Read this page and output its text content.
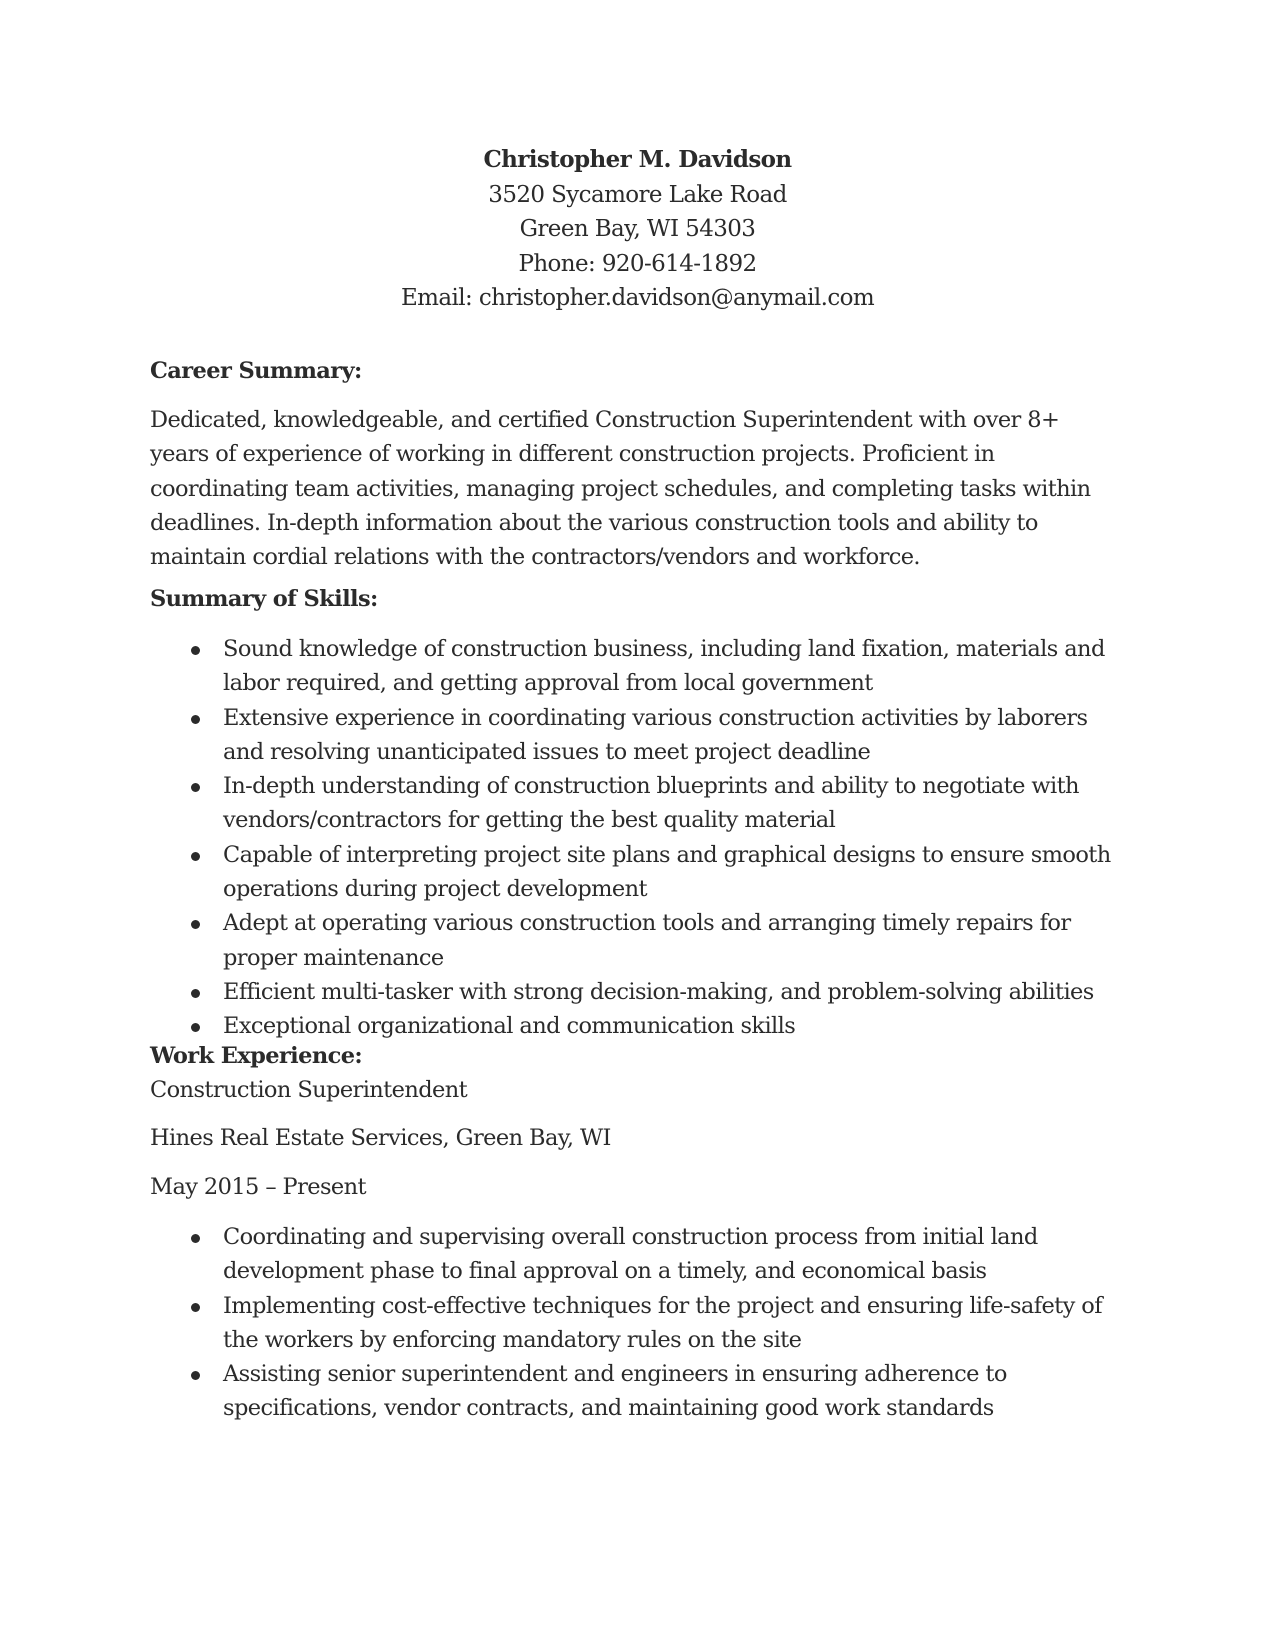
Christopher M. Davidson
3520 Sycamore Lake Road
Green Bay, WI 54303
Phone: 920-614-1892
Email: christopher.davidson@anymail.com
Career Summary:
Dedicated, knowledgeable, and certified Construction Superintendent with over 8+
years of experience of working in different construction projects. Proficient in
coordinating team activities, managing project schedules, and completing tasks within
deadlines. In-depth information about the various construction tools and ability to
maintain cordial relations with the contractors/vendors and workforce.
Summary of Skills:
Sound knowledge of construction business, including land fixation, materials and
labor required, and getting approval from local government
Extensive experience in coordinating various construction activities by laborers
and resolving unanticipated issues to meet project deadline
In-depth understanding of construction blueprints and ability to negotiate with
vendors/contractors for getting the best quality material
Capable of interpreting project site plans and graphical designs to ensure smooth
operations during project development
Adept at operating various construction tools and arranging timely repairs for
proper maintenance
Efficient multi-tasker with strong decision-making, and problem-solving abilities
Exceptional organizational and communication skills
Work Experience:
Construction Superintendent
Hines Real Estate Services, Green Bay, WI
May 2015 – Present
Coordinating and supervising overall construction process from initial land
development phase to final approval on a timely, and economical basis
Implementing cost-effective techniques for the project and ensuring life-safety of
the workers by enforcing mandatory rules on the site
Assisting senior superintendent and engineers in ensuring adherence to
specifications, vendor contracts, and maintaining good work standards
